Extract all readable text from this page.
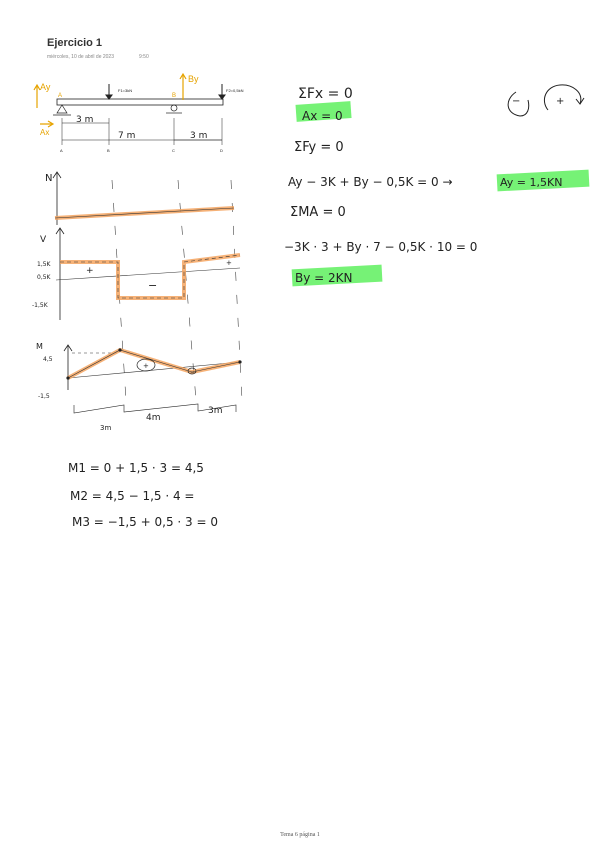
Ejercicio 1
miércoles, 10 de abril de 2023	9:50
Ay
Ax
A
By
B
F1=3kN	F2=0,5kN
3 m
7 m	3 m
A	B	C	D
N
V
1,5K
0,5K
-1,5K
+
−
+
M
4,5
-1,5
+
−
3m
4m
3m
ΣFx = 0
Ax = 0
ΣFy = 0
Ay − 3K + By − 0,5K = 0 →	Ay = 1,5KN
ΣMA = 0
−3K · 3 + By · 7 − 0,5K · 10 = 0
By = 2KN
−	+
M1 = 0 + 1,5 · 3 = 4,5
M2 = 4,5 − 1,5 · 4 =
M3 = −1,5 + 0,5 · 3 = 0
Tema 6 página 1
